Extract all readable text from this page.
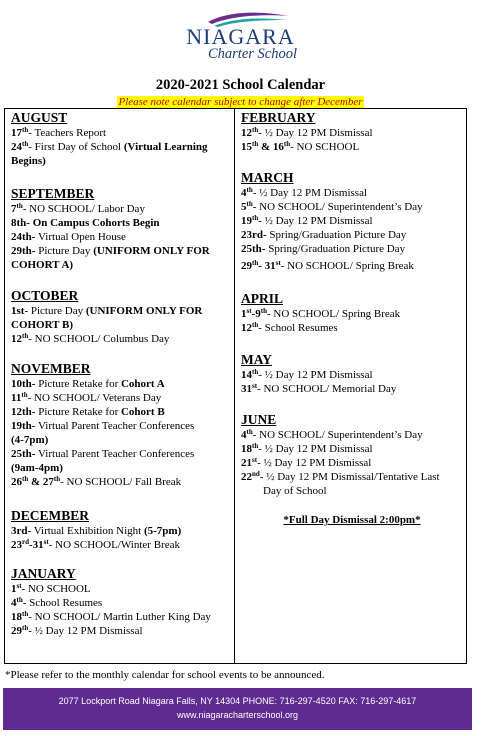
NIAGARA
Charter School
2020-2021 School Calendar
Please note calendar subject to change after December
AUGUST
17th- Teachers Report
24th- First Day of School (Virtual Learning
Begins)
SEPTEMBER
7th- NO SCHOOL/ Labor Day
8th- On Campus Cohorts Begin
24th- Virtual Open House
29th- Picture Day (UNIFORM ONLY FOR
COHORT A)
OCTOBER
1st- Picture Day (UNIFORM ONLY FOR
COHORT B)
12th- NO SCHOOL/ Columbus Day
NOVEMBER
10th- Picture Retake for Cohort A
11th- NO SCHOOL/ Veterans Day
12th- Picture Retake for Cohort B
19th- Virtual Parent Teacher Conferences
(4-7pm)
25th- Virtual Parent Teacher Conferences
(9am-4pm)
26th & 27th- NO SCHOOL/ Fall Break
DECEMBER
3rd- Virtual Exhibition Night (5-7pm)
23rd-31st- NO SCHOOL/Winter Break
JANUARY
1st- NO SCHOOL
4th- School Resumes
18th- NO SCHOOL/ Martin Luther King Day
29th- ½ Day 12 PM Dismissal
FEBRUARY
12th- ½ Day 12 PM Dismissal
15th & 16th- NO SCHOOL
MARCH
4th- ½ Day 12 PM Dismissal
5th- NO SCHOOL/ Superintendent’s Day
19th- ½ Day 12 PM Dismissal
23rd- Spring/Graduation Picture Day
25th- Spring/Graduation Picture Day
29th- 31st- NO SCHOOL/ Spring Break
APRIL
1st-9th- NO SCHOOL/ Spring Break
12th- School Resumes
MAY
14th- ½ Day 12 PM Dismissal
31st- NO SCHOOL/ Memorial Day
JUNE
4th- NO SCHOOL/ Superintendent’s Day
18th- ½ Day 12 PM Dismissal
21st- ½ Day 12 PM Dismissal
22nd- ½ Day 12 PM Dismissal/Tentative Last
Day of School
*Full Day Dismissal 2:00pm*
*Please refer to the monthly calendar for school events to be announced.
2077 Lockport Road Niagara Falls, NY 14304 PHONE: 716-297-4520 FAX: 716-297-4617
www.niagaracharterschool.org
